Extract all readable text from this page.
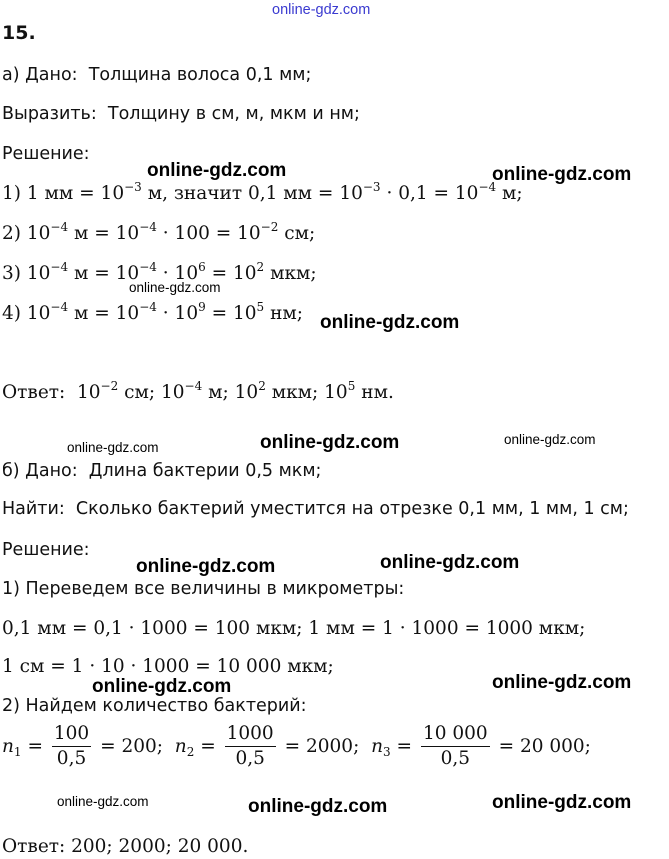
online-gdz.com
online-gdz.com	online-gdz.com
online-gdz.com
online-gdz.com
online-gdz.com	online-gdz.com	online-gdz.com
online-gdz.com	online-gdz.com
online-gdz.com	online-gdz.com
online-gdz.com	online-gdz.com	online-gdz.com
15.
а) Дано: Толщина волоса 0,1 мм;
Выразить: Толщину в см, м, мкм и нм;
Решение:
1) 1 мм = $10^{-3}$ м, значит 0,1 мм = $10^{-3} \cdot 0,1 = 10^{-4}$ м;
2) $10^{-4}$ $м = 10^{-4} \cdot 100 = 10^{-2}$ см;
3) $10^{-4}$ $м = 10^{-4} \cdot 10^6 = 10^2$ мкм;
4) $10^{-4}$ $м = 10^{-4} \cdot 10^9 = 10^5$ нм;
Ответ: $10^{-2}$ см; $10^{-4}$ м; $10^2$ мкм; $10^5$ нм.
б) Дано: Длина бактерии 0,5 мкм;
Найти: Сколько бактерий уместится на отрезке 0,1 мм, 1 мм, 1 см;
Решение:
1) Переведем все величины в микрометры:
0,1 мм = 0,1 · 1000 = 100 мкм; 1 мм = 1 · 1000 = 1000 мкм;
1 см = 1 · 10 · 1000 = 10 000 мкм;
2) Найдем количество бактерий:
$n_1 = \frac{100}{0,5} = 200$; $n_2 = \frac{1000}{0,5} = 2000$; $n_3 = \frac{10 000}{0,5} = 20$ 000;
Ответ: 200; 2000; 20 000.
